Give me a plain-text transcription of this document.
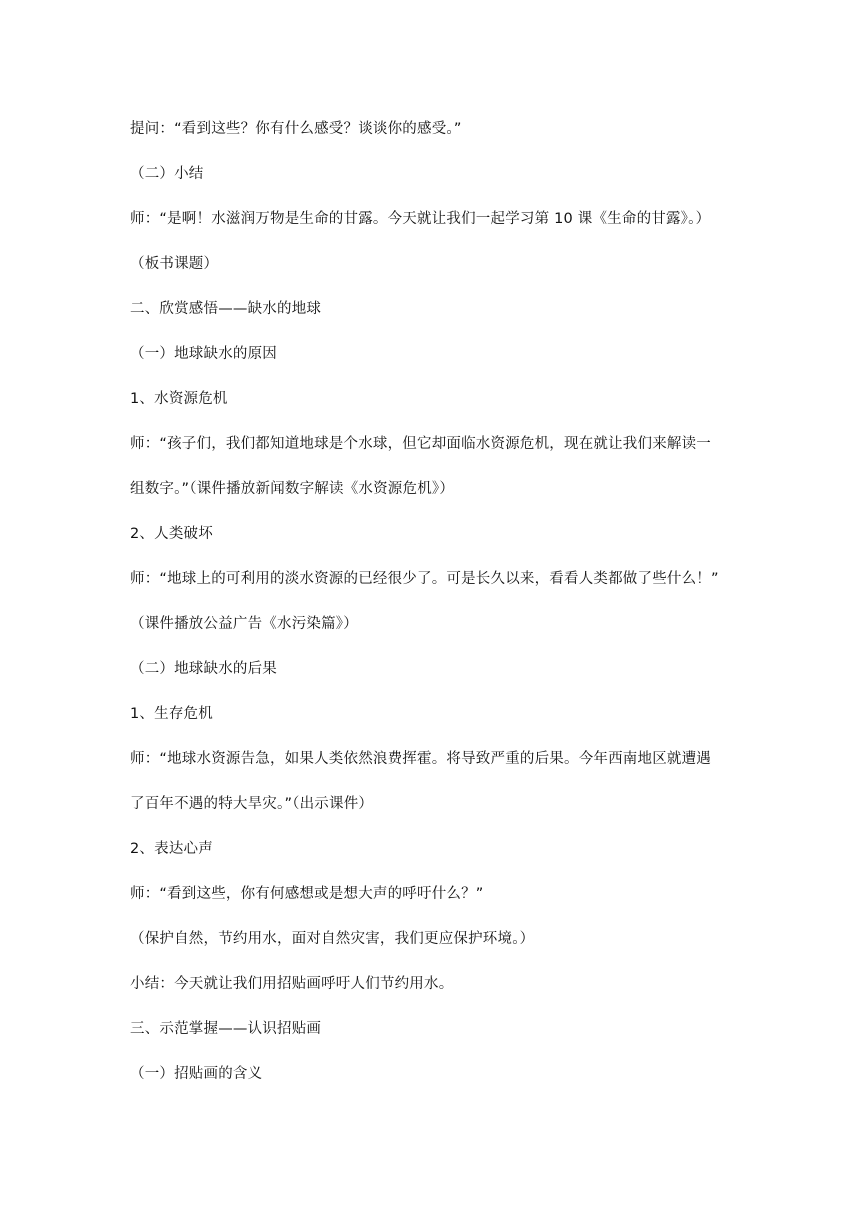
提问：“看到这些？你有什么感受？谈谈你的感受。”
（二）小结
师：“是啊！水滋润万物是生命的甘露。今天就让我们一起学习第 10 课《生命的甘露》。）
（板书课题）
二、欣赏感悟——缺水的地球
（一）地球缺水的原因
1、水资源危机
师：“孩子们，我们都知道地球是个水球，但它却面临水资源危机，现在就让我们来解读一
组数字。”（课件播放新闻数字解读《水资源危机》）
2、人类破坏
师：“地球上的可利用的淡水资源的已经很少了。可是长久以来，看看人类都做了些什么！”
（课件播放公益广告《水污染篇》）
（二）地球缺水的后果
1、生存危机
师：“地球水资源告急，如果人类依然浪费挥霍。将导致严重的后果。今年西南地区就遭遇
了百年不遇的特大旱灾。”（出示课件）
2、表达心声
师：“看到这些，你有何感想或是想大声的呼吁什么？”
（保护自然，节约用水，面对自然灾害，我们更应保护环境。）
小结：今天就让我们用招贴画呼吁人们节约用水。
三、示范掌握——认识招贴画
（一）招贴画的含义
